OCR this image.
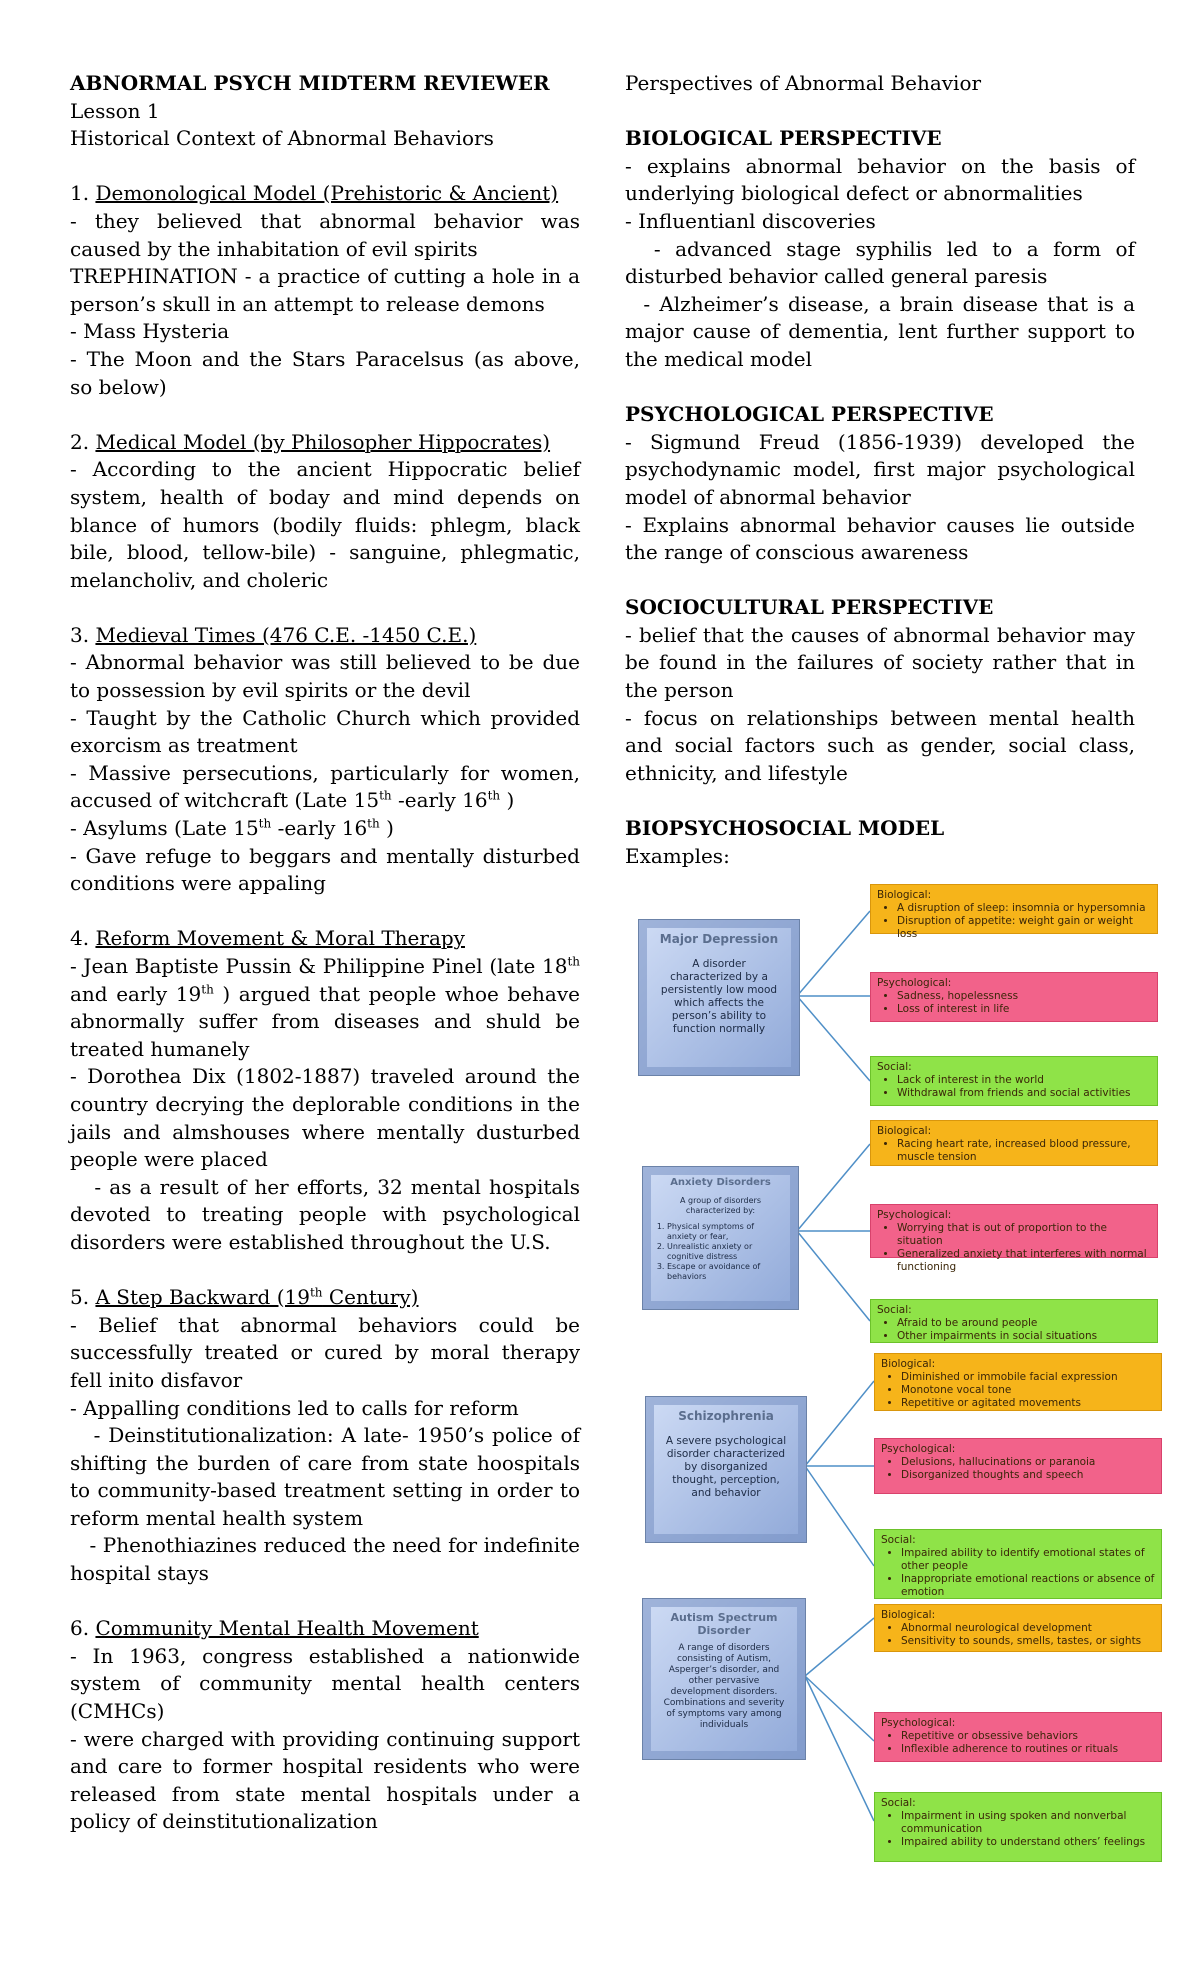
ABNORMAL PSYCH MIDTERM REVIEWER

Lesson 1

Historical Context of Abnormal Behaviors

1. Demonological Model (Prehistoric & Ancient)

- they believed that abnormal behavior was caused by the inhabitation of evil spirits

TREPHINATION - a practice of cutting a hole in a person’s skull in an attempt to release demons

- Mass Hysteria

- The Moon and the Stars Paracelsus (as above, so below)

2. Medical Model (by Philosopher Hippocrates)

- According to the ancient Hippocratic belief system, health of boday and mind depends on blance of humors (bodily fluids: phlegm, black bile, blood, tellow-bile) - sanguine, phlegmatic, melancholiv, and choleric

3. Medieval Times (476 C.E. -1450 C.E.)

- Abnormal behavior was still believed to be due to possession by evil spirits or the devil

- Taught by the Catholic Church which provided exorcism as treatment

- Massive persecutions, particularly for women, accused of witchcraft (Late 15th -early 16th )

- Asylums (Late 15th -early 16th )

- Gave refuge to beggars and mentally disturbed conditions were appaling

4. Reform Movement & Moral Therapy

- Jean Baptiste Pussin & Philippine Pinel (late 18th and early 19th ) argued that people whoe behave abnormally suffer from diseases and shuld be treated humanely

- Dorothea Dix (1802-1887) traveled around the country decrying the deplorable conditions in the jails and almshouses where mentally dusturbed people were placed

- as a result of her efforts, 32 mental hospitals devoted to treating people with psychological disorders were established throughout the U.S.

5. A Step Backward (19th Century)

- Belief that abnormal behaviors could be successfully treated or cured by moral therapy fell inito disfavor

- Appalling conditions led to calls for reform

- Deinstitutionalization: A late- 1950’s police of shifting the burden of care from state hoospitals to community-based treatment setting in order to reform mental health system

- Phenothiazines reduced the need for indefinite hospital stays

6. Community Mental Health Movement

- In 1963, congress established a nationwide system of community mental health centers (CMHCs)

- were charged with providing continuing support and care to former hospital residents who were released from state mental hospitals under a policy of deinstitutionalization

Perspectives of Abnormal Behavior

BIOLOGICAL PERSPECTIVE

- explains abnormal behavior on the basis of underlying biological defect or abnormalities

- Influentianl discoveries

- advanced stage syphilis led to a form of disturbed behavior called general paresis

- Alzheimer’s disease, a brain disease that is a major cause of dementia, lent further support to the medical model

PSYCHOLOGICAL PERSPECTIVE

- Sigmund Freud (1856-1939) developed the psychodynamic model, first major psychological model of abnormal behavior

- Explains abnormal behavior causes lie outside the range of conscious awareness

SOCIOCULTURAL PERSPECTIVE

- belief that the causes of abnormal behavior may be found in the failures of society rather that in the person

- focus on relationships between mental health and social factors such as gender, social class, ethnicity, and lifestyle

BIOPSYCHOSOCIAL MODEL

Examples:

Major Depression
A disorder characterized by a persistently low mood which affects the person’s ability to function normally
Biological:
• A disruption of sleep: insomnia or hypersomnia
• Disruption of appetite: weight gain or weight loss
Psychological:
• Sadness, hopelessness
• Loss of interest in life
Social:
• Lack of interest in the world
• Withdrawal from friends and social activities
Anxiety Disorders
A group of disorders characterized by:
1. Physical symptoms of anxiety or fear,
2. Unrealistic anxiety or cognitive distress
3. Escape or avoidance of behaviors
Biological:
• Racing heart rate, increased blood pressure, muscle tension
Psychological:
• Worrying that is out of proportion to the situation
• Generalized anxiety that interferes with normal functioning
Social:
• Afraid to be around people
• Other impairments in social situations
Schizophrenia
A severe psychological disorder characterized by disorganized thought, perception, and behavior
Biological:
• Diminished or immobile facial expression
• Monotone vocal tone
• Repetitive or agitated movements
Psychological:
• Delusions, hallucinations or paranoia
• Disorganized thoughts and speech
Social:
• Impaired ability to identify emotional states of other people
• Inappropriate emotional reactions or absence of emotion
Autism Spectrum Disorder
A range of disorders consisting of Autism, Asperger’s disorder, and other pervasive development disorders. Combinations and severity of symptoms vary among individuals
Biological:
• Abnormal neurological development
• Sensitivity to sounds, smells, tastes, or sights
Psychological:
• Repetitive or obsessive behaviors
• Inflexible adherence to routines or rituals
Social:
• Impairment in using spoken and nonverbal communication
• Impaired ability to understand others’ feelings
